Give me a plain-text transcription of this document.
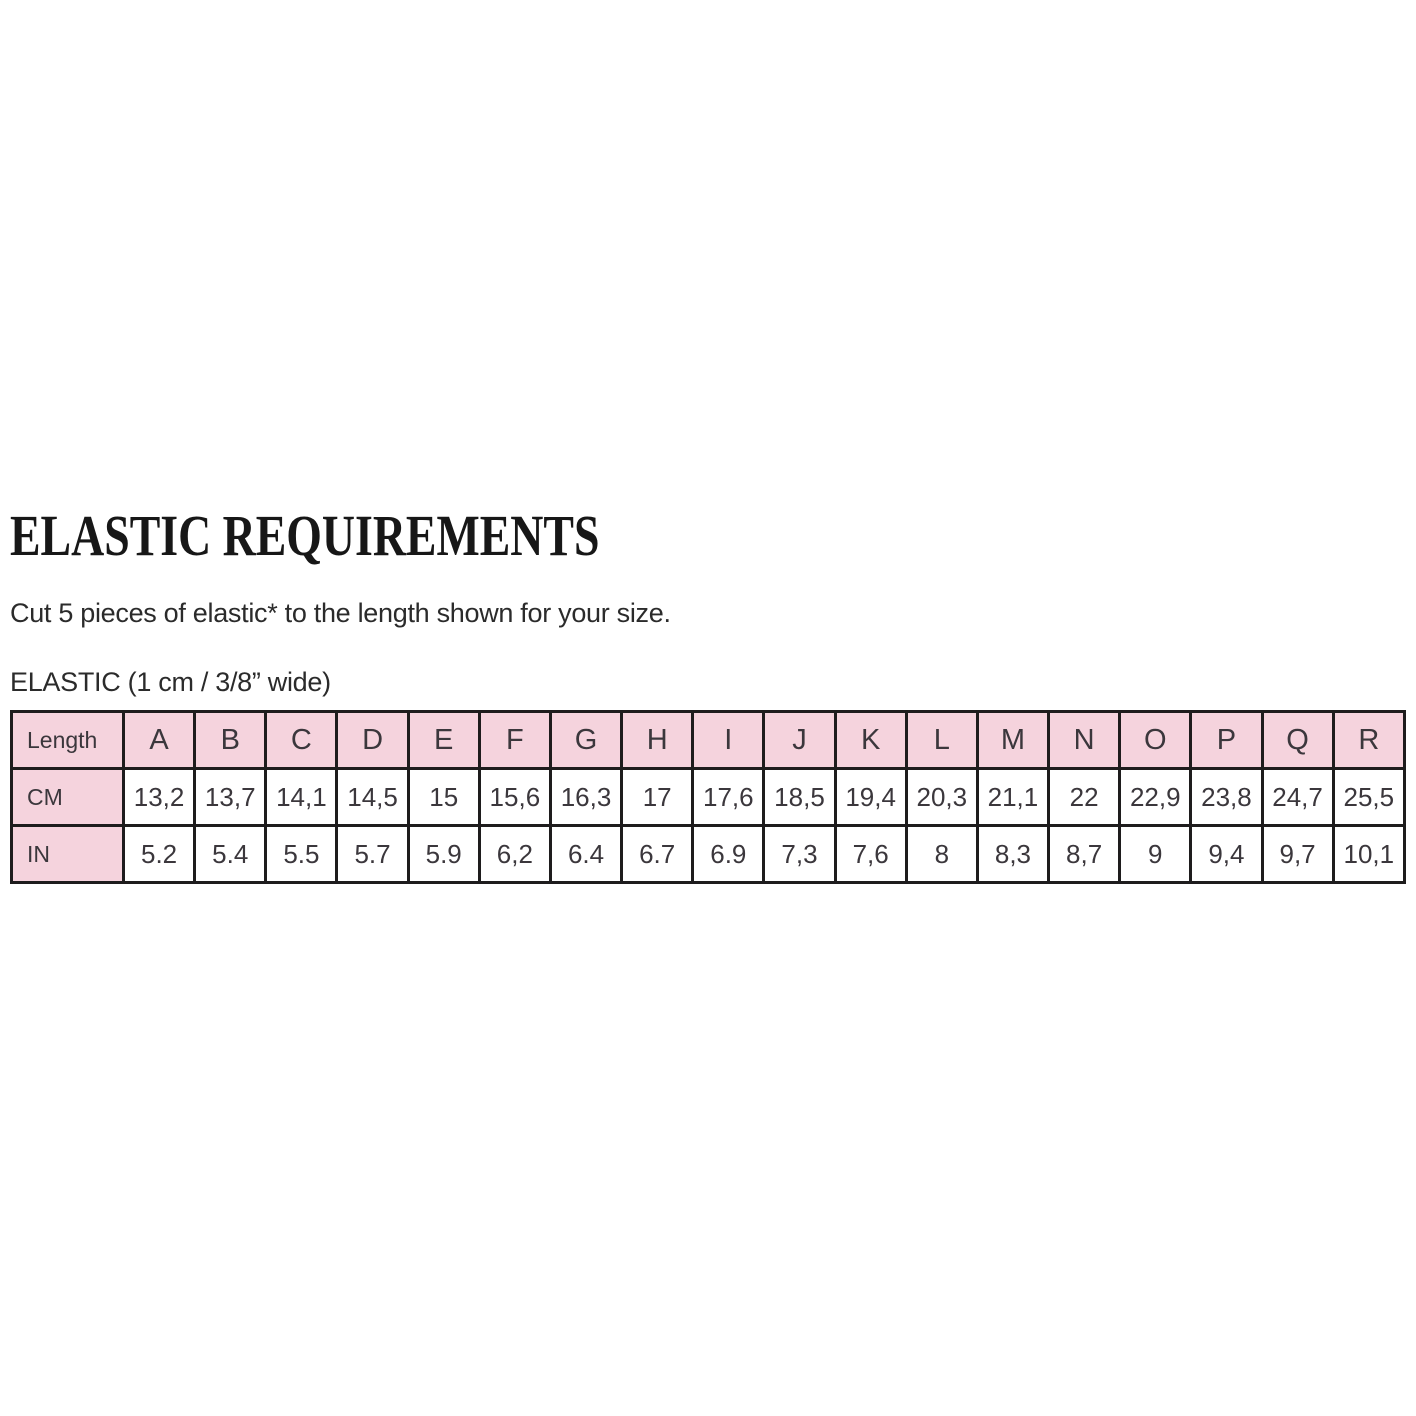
ELASTIC REQUIREMENTS

Cut 5 pieces of elastic* to the length shown for your size.

ELASTIC (1 cm / 3/8” wide)

Length	A	B	C	D	E	F	G	H	I	J	K	L	M	N	O	P	Q	R
CM	13,2	13,7	14,1	14,5	15	15,6	16,3	17	17,6	18,5	19,4	20,3	21,1	22	22,9	23,8	24,7	25,5
IN	5.2	5.4	5.5	5.7	5.9	6,2	6.4	6.7	6.9	7,3	7,6	8	8,3	8,7	9	9,4	9,7	10,1
